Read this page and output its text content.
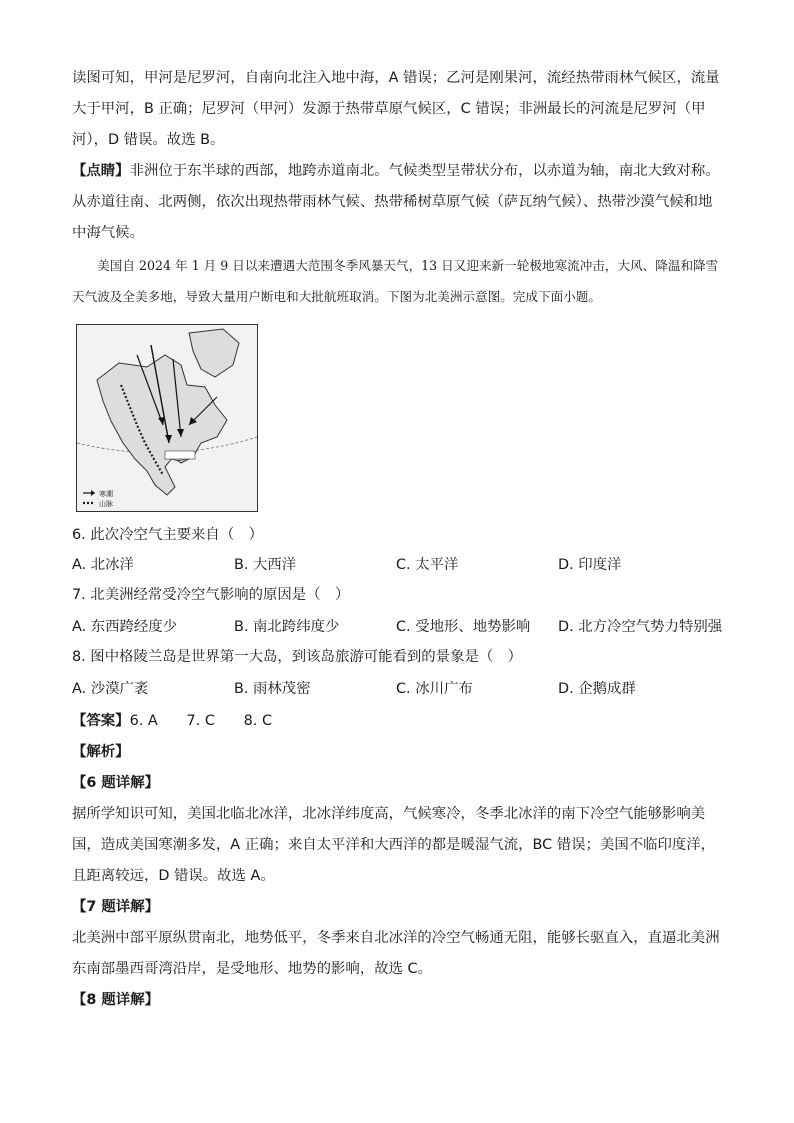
读图可知，甲河是尼罗河，自南向北注入地中海，A 错误；乙河是刚果河，流经热带雨林气候区，流量大于甲河，B 正确；尼罗河（甲河）发源于热带草原气候区，C 错误；非洲最长的河流是尼罗河（甲河），D 错误。故选 B。

【点睛】非洲位于东半球的西部，地跨赤道南北。气候类型呈带状分布，以赤道为轴，南北大致对称。从赤道往南、北两侧，依次出现热带雨林气候、热带稀树草原气候（萨瓦纳气候）、热带沙漠气候和地中海气候。

美国自 2024 年 1 月 9 日以来遭遇大范围冬季风暴天气，13 日又迎来新一轮极地寒流冲击，大风、降温和降雪天气波及全美多地，导致大量用户断电和大批航班取消。下图为北美洲示意图。完成下面小题。

寒潮
山脉

6. 此次冷空气主要来自（　）

A. 北冰洋	B. 大西洋	C. 太平洋	D. 印度洋

7. 北美洲经常受冷空气影响的原因是（　）

A. 东西跨经度少	B. 南北跨纬度少	C. 受地形、地势影响 D. 北方冷空气势力特别强

8. 图中格陵兰岛是世界第一大岛，到该岛旅游可能看到的景象是（　）

A. 沙漠广袤	B. 雨林茂密	C. 冰川广布	D. 企鹅成群

【答案】6. A　　7. C　　8. C

【解析】

【6 题详解】

据所学知识可知，美国北临北冰洋，北冰洋纬度高，气候寒冷，冬季北冰洋的南下冷空气能够影响美国，造成美国寒潮多发，A 正确；来自太平洋和大西洋的都是暖湿气流，BC 错误；美国不临印度洋，且距离较远，D 错误。故选 A。

【7 题详解】

北美洲中部平原纵贯南北，地势低平，冬季来自北冰洋的冷空气畅通无阻，能够长驱直入，直逼北美洲东南部墨西哥湾沿岸，是受地形、地势的影响，故选 C。

【8 题详解】
